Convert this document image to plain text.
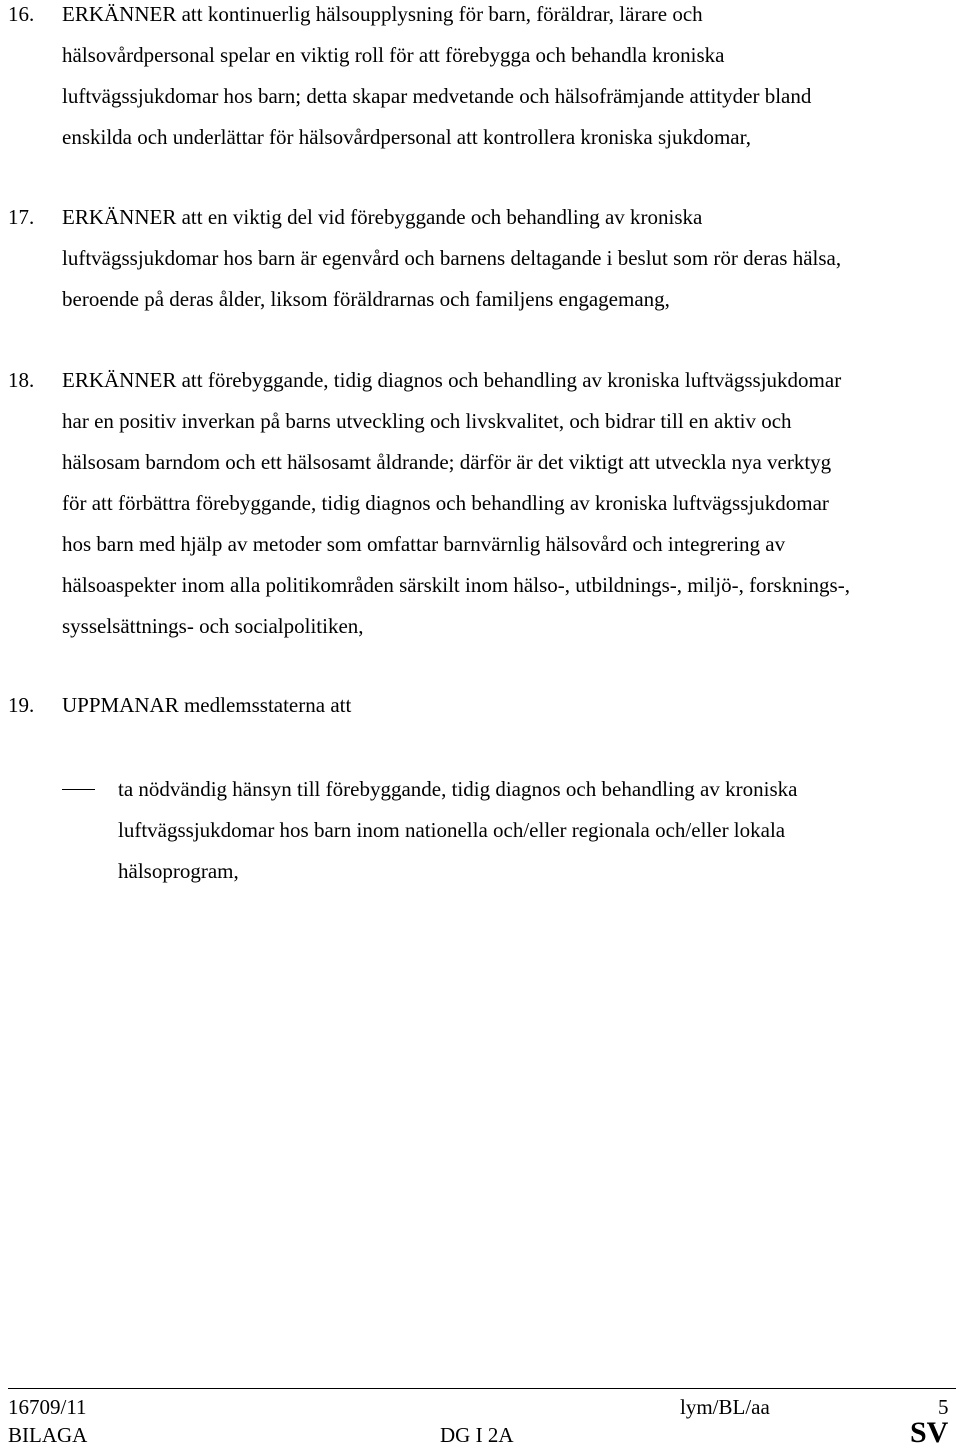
16. ERKÄNNER att kontinuerlig hälsoupplysning för barn, föräldrar, lärare och
hälsovårdpersonal spelar en viktig roll för att förebygga och behandla kroniska
luftvägssjukdomar hos barn; detta skapar medvetande och hälsofrämjande attityder bland
enskilda och underlättar för hälsovårdpersonal att kontrollera kroniska sjukdomar,
17. ERKÄNNER att en viktig del vid förebyggande och behandling av kroniska
luftvägssjukdomar hos barn är egenvård och barnens deltagande i beslut som rör deras hälsa,
beroende på deras ålder, liksom föräldrarnas och familjens engagemang,
18. ERKÄNNER att förebyggande, tidig diagnos och behandling av kroniska luftvägssjukdomar
har en positiv inverkan på barns utveckling och livskvalitet, och bidrar till en aktiv och
hälsosam barndom och ett hälsosamt åldrande; därför är det viktigt att utveckla nya verktyg
för att förbättra förebyggande, tidig diagnos och behandling av kroniska luftvägssjukdomar
hos barn med hjälp av metoder som omfattar barnvärnlig hälsovård och integrering av
hälsoaspekter inom alla politikområden särskilt inom hälso-, utbildnings-, miljö-, forsknings-,
sysselsättnings- och socialpolitiken,
19. UPPMANAR medlemsstaterna att
ta nödvändig hänsyn till förebyggande, tidig diagnos och behandling av kroniska
luftvägssjukdomar hos barn inom nationella och/eller regionala och/eller lokala
hälsoprogram,
16709/11	lym/BL/aa	5
BILAGA	DG I 2A	SV
